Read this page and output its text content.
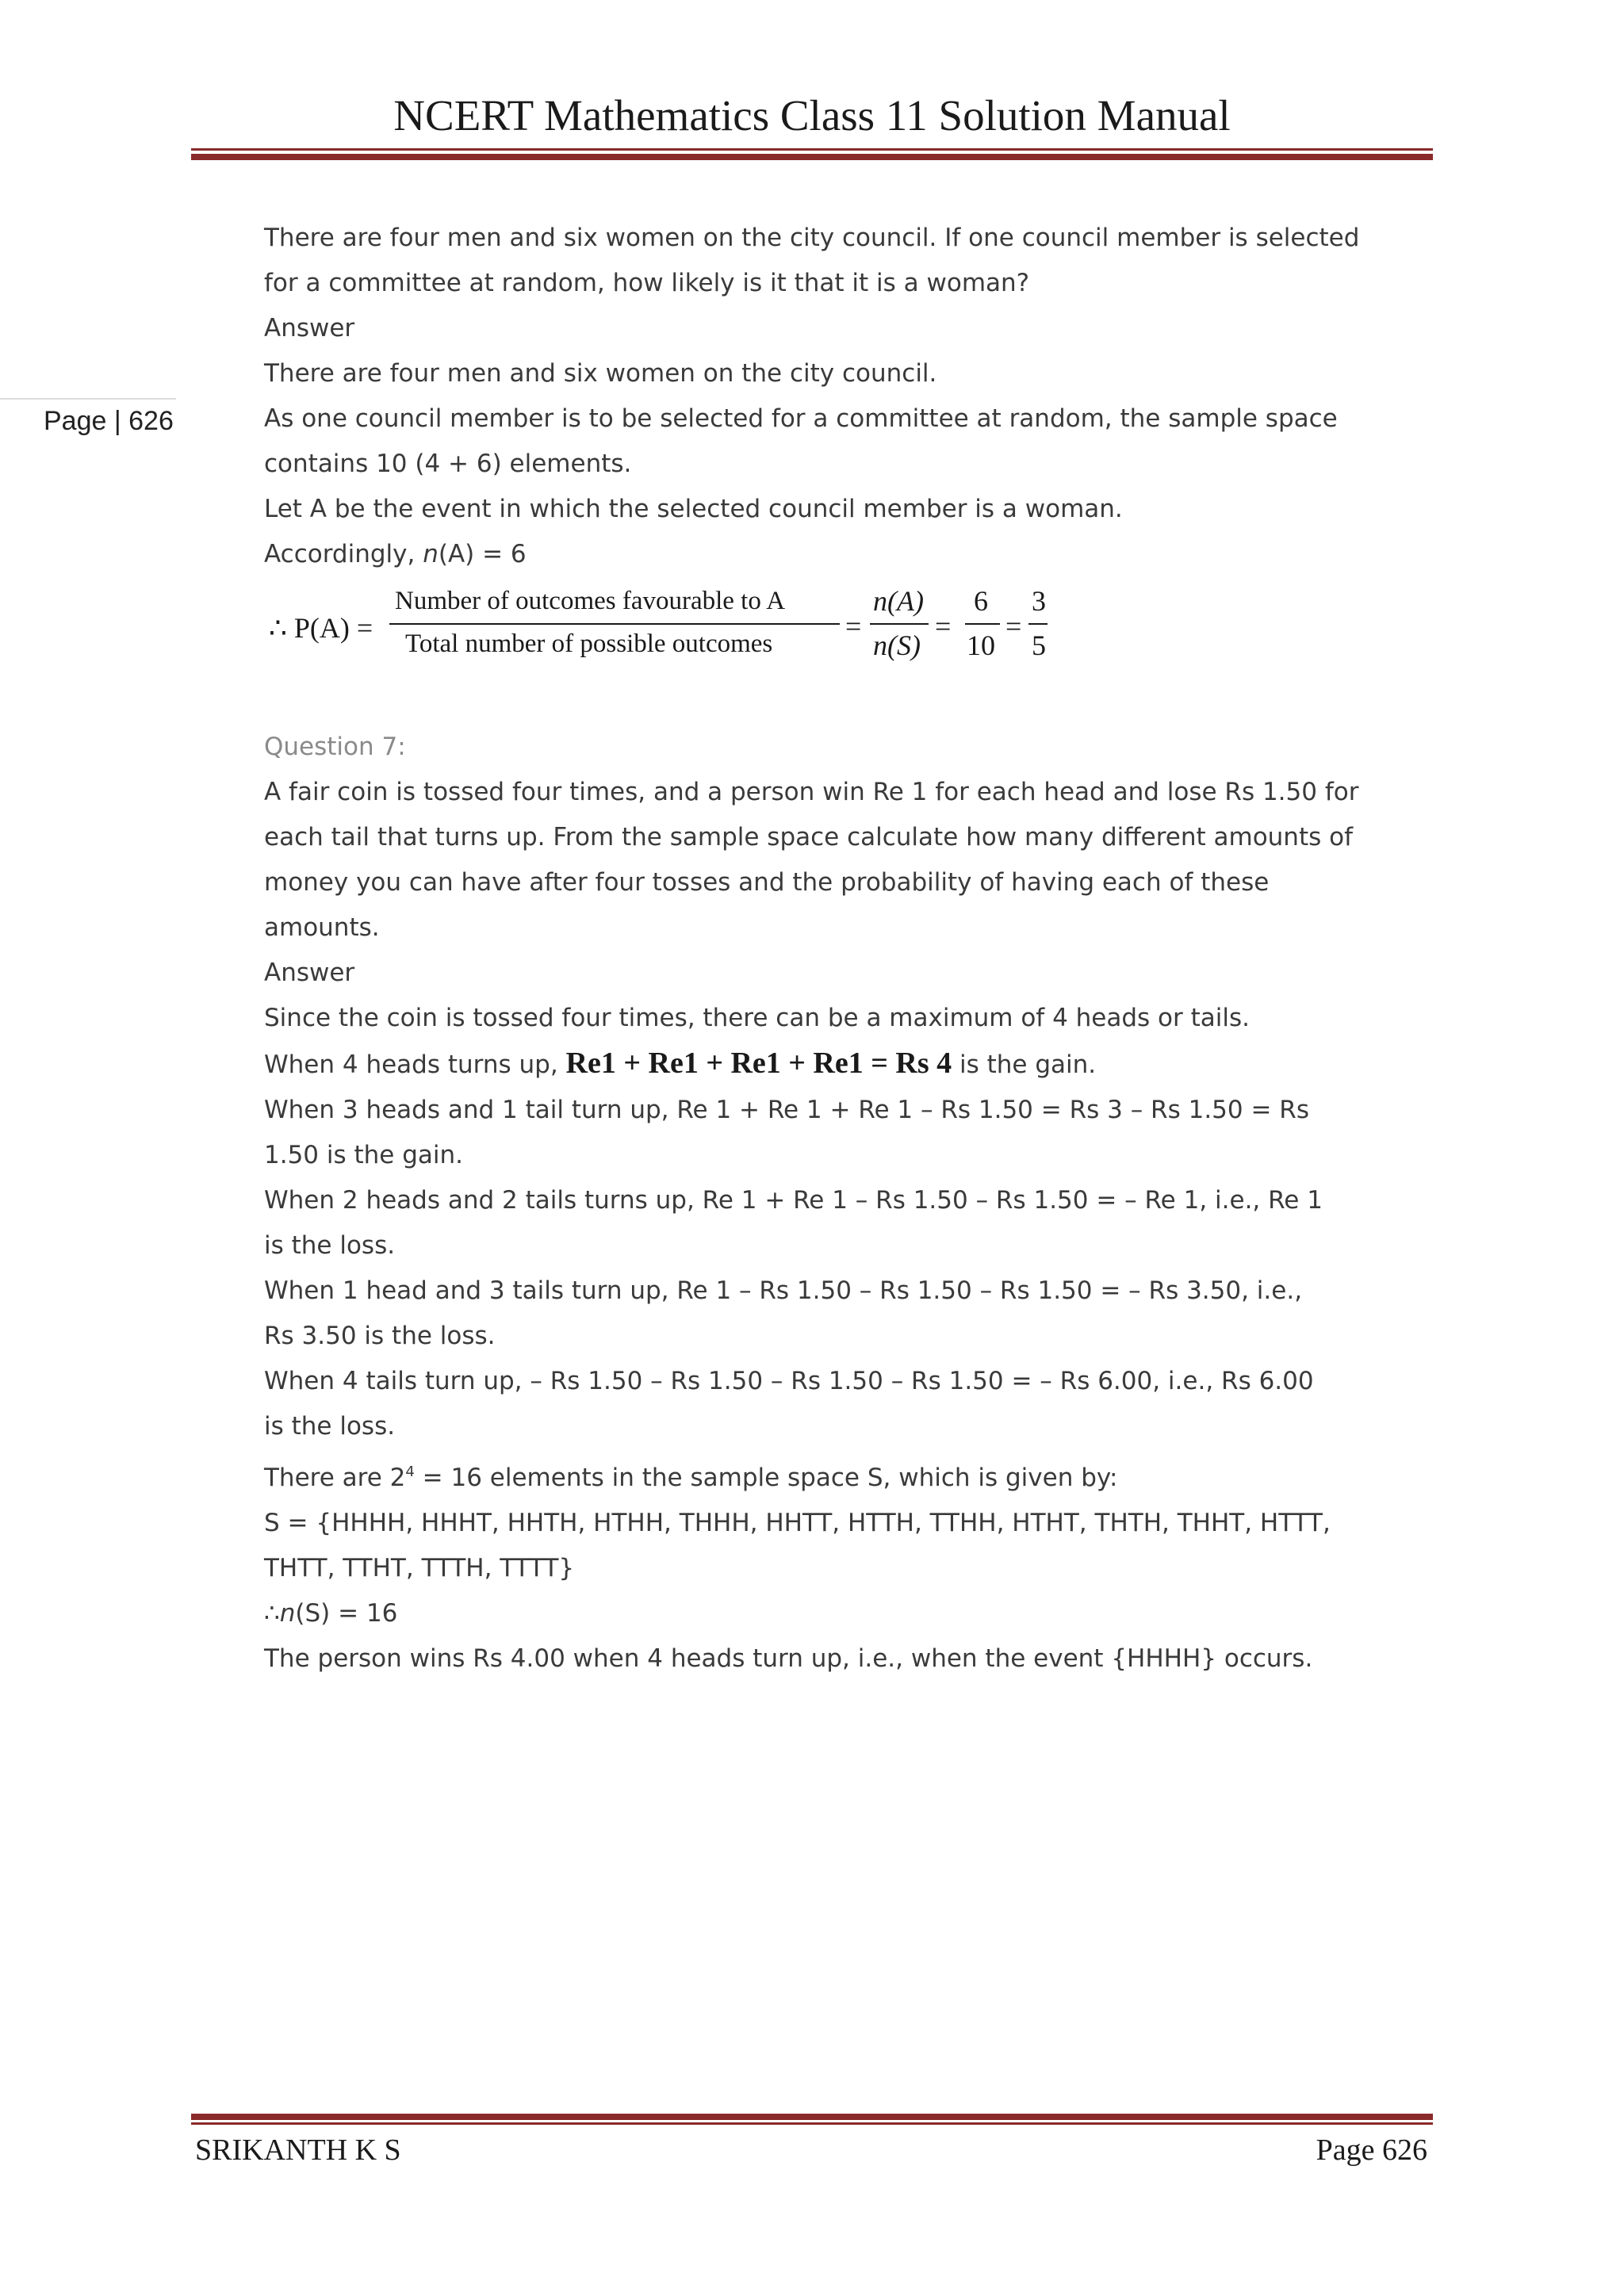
NCERT Mathematics Class 11 Solution Manual
Page | 626

There are four men and six women on the city council. If one council member is selected

for a committee at random, how likely is it that it is a woman?

Answer

There are four men and six women on the city council.

As one council member is to be selected for a committee at random, the sample space

contains 10 (4 + 6) elements.

Let A be the event in which the selected council member is a woman.

Accordingly, n(A) = 6

∴ P(A) =
Number of outcomes favourable to A
Total number of possible outcomes
=
n(A)
n(S)
=
6
10
=
3
5

Question 7:

A fair coin is tossed four times, and a person win Re 1 for each head and lose Rs 1.50 for

each tail that turns up. From the sample space calculate how many different amounts of

money you can have after four tosses and the probability of having each of these

amounts.

Answer

Since the coin is tossed four times, there can be a maximum of 4 heads or tails.

When 4 heads turns up, Re1 + Re1 + Re1 + Re1 = Rs 4 is the gain.

When 3 heads and 1 tail turn up, Re 1 + Re 1 + Re 1 – Rs 1.50 = Rs 3 – Rs 1.50 = Rs

1.50 is the gain.

When 2 heads and 2 tails turns up, Re 1 + Re 1 – Rs 1.50 – Rs 1.50 = – Re 1, i.e., Re 1

is the loss.

When 1 head and 3 tails turn up, Re 1 – Rs 1.50 – Rs 1.50 – Rs 1.50 = – Rs 3.50, i.e.,

Rs 3.50 is the loss.

When 4 tails turn up, – Rs 1.50 – Rs 1.50 – Rs 1.50 – Rs 1.50 = – Rs 6.00, i.e., Rs 6.00

is the loss.

There are $2^4 = 16$ elements in the sample space S, which is given by:

S = {HHHH, HHHT, HHTH, HTHH, THHH, HHTT, HTTH, TTHH, HTHT, THTH, THHT, HTTT,

THTT, TTHT, TTTH, TTTT}

∴n(S) = 16

The person wins Rs 4.00 when 4 heads turn up, i.e., when the event {HHHH} occurs.

SRIKANTH K S	Page 626
